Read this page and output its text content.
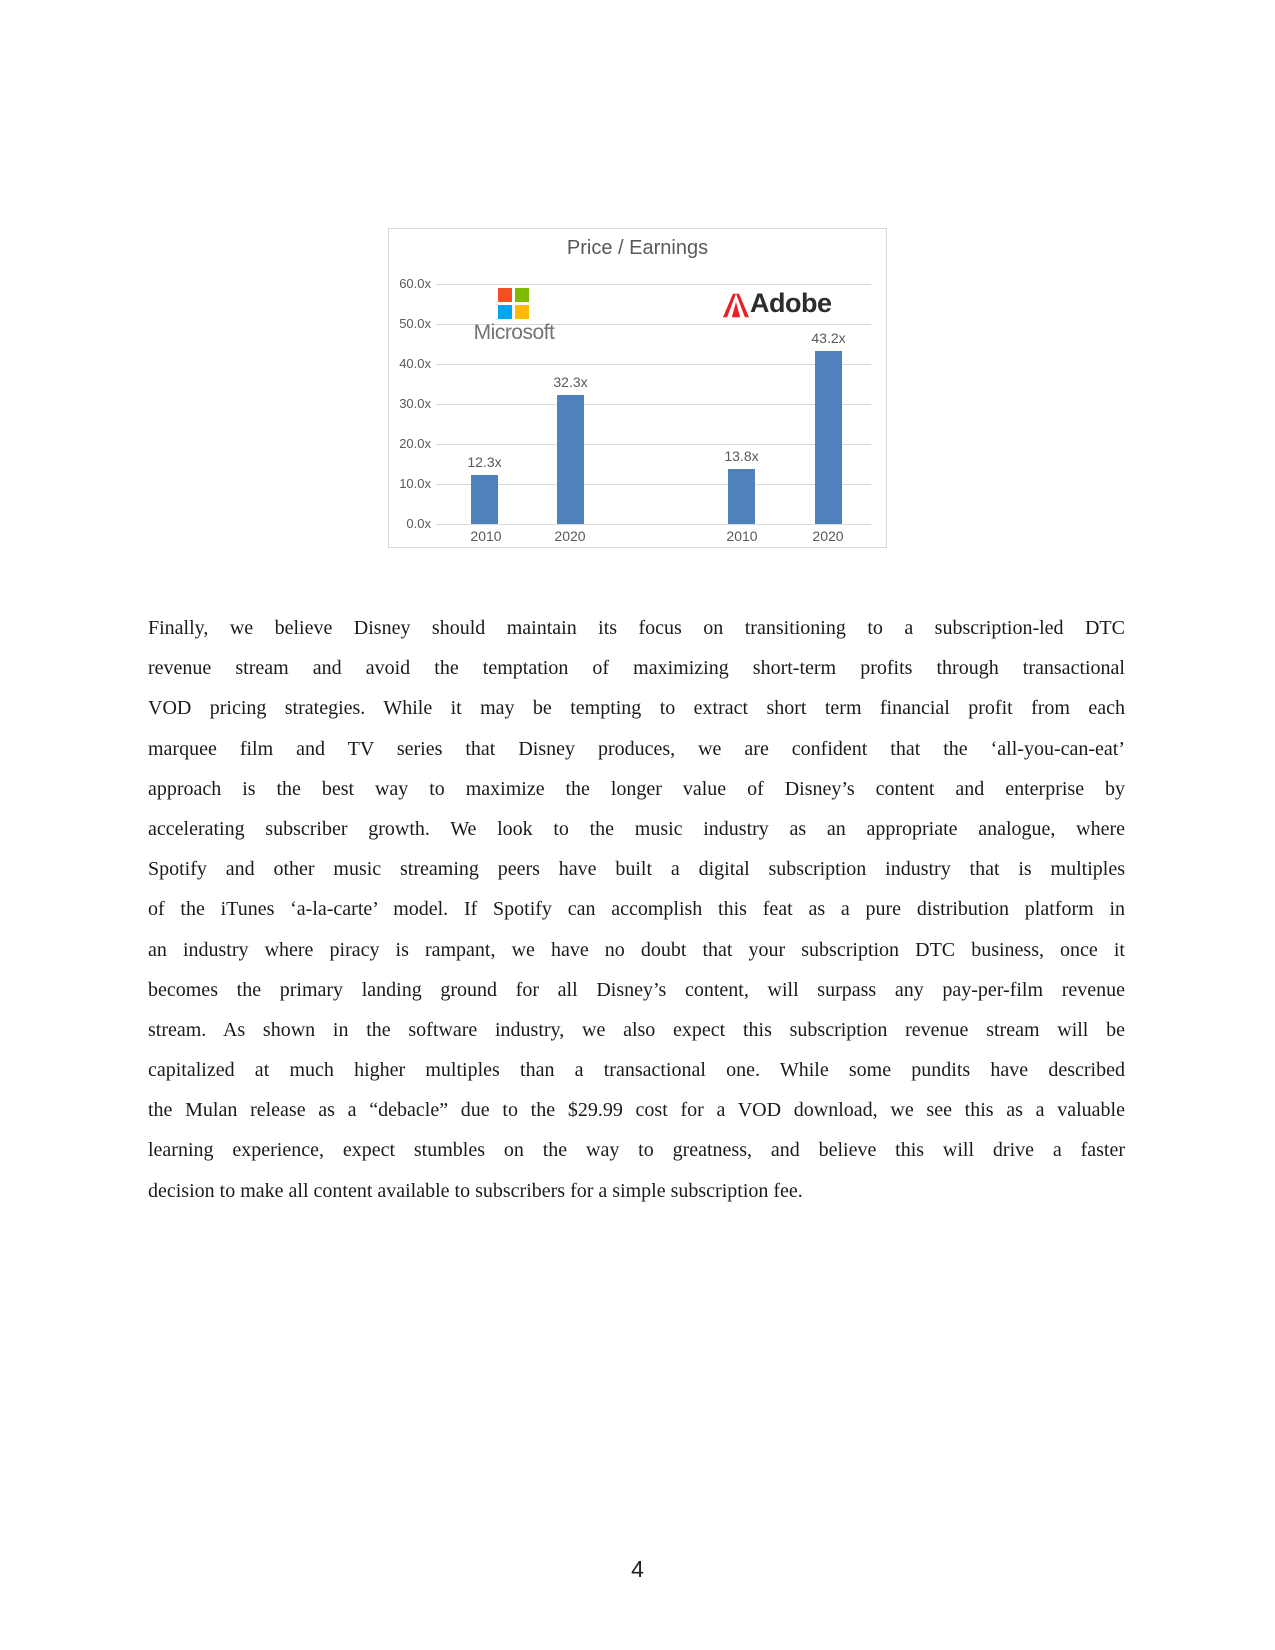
Price / Earnings
60.0x
50.0x
40.0x
30.0x
20.0x
10.0x
0.0x
12.3x
32.3x
13.8x
43.2x
2010	2020	2010	2020
Microsoft
Adobe
Finally, we believe Disney should maintain its focus on transitioning to a subscription-led DTC
revenue stream and avoid the temptation of maximizing short-term profits through transactional
VOD pricing strategies. While it may be tempting to extract short term financial profit from each
marquee film and TV series that Disney produces, we are confident that the ‘all-you-can-eat’
approach is the best way to maximize the longer value of Disney’s content and enterprise by
accelerating subscriber growth. We look to the music industry as an appropriate analogue, where
Spotify and other music streaming peers have built a digital subscription industry that is multiples
of the iTunes ‘a-la-carte’ model. If Spotify can accomplish this feat as a pure distribution platform in
an industry where piracy is rampant, we have no doubt that your subscription DTC business, once it
becomes the primary landing ground for all Disney’s content, will surpass any pay-per-film revenue
stream. As shown in the software industry, we also expect this subscription revenue stream will be
capitalized at much higher multiples than a transactional one. While some pundits have described
the Mulan release as a “debacle” due to the $29.99 cost for a VOD download, we see this as a valuable
learning experience, expect stumbles on the way to greatness, and believe this will drive a faster
decision to make all content available to subscribers for a simple subscription fee.
4
